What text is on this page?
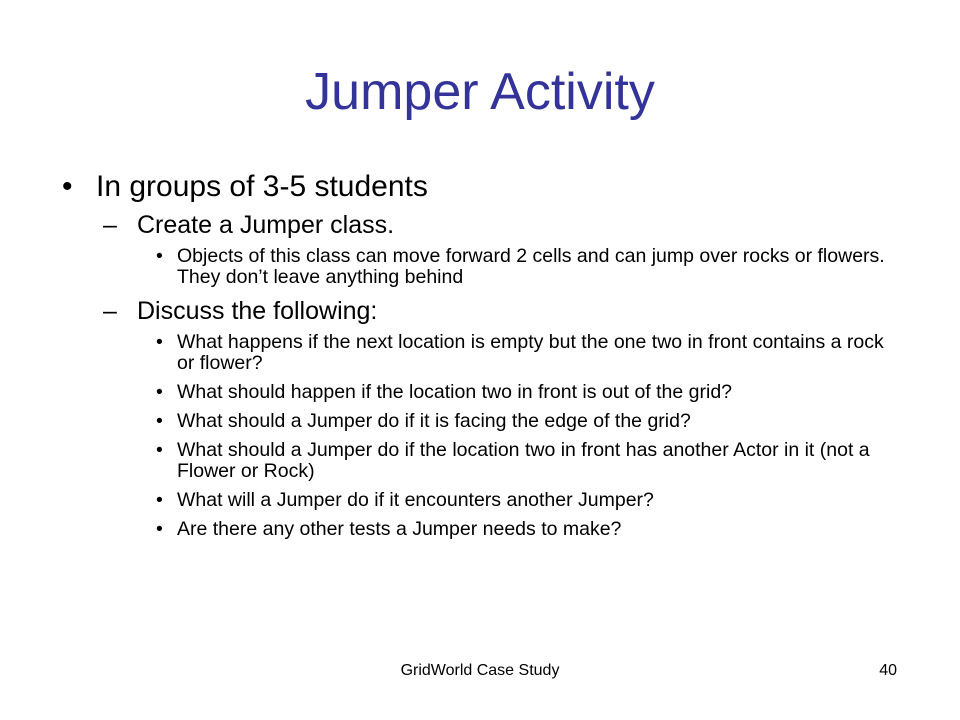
Jumper Activity
• In groups of 3-5 students
– Create a Jumper class.
• Objects of this class can move forward 2 cells and can jump over rocks or flowers. They don’t leave anything behind
– Discuss the following:
• What happens if the next location is empty but the one two in front contains a rock or flower?
• What should happen if the location two in front is out of the grid?
• What should a Jumper do if it is facing the edge of the grid?
• What should a Jumper do if the location two in front has another Actor in it (not a Flower or Rock)
• What will a Jumper do if it encounters another Jumper?
• Are there any other tests a Jumper needs to make?
GridWorld Case Study	40
